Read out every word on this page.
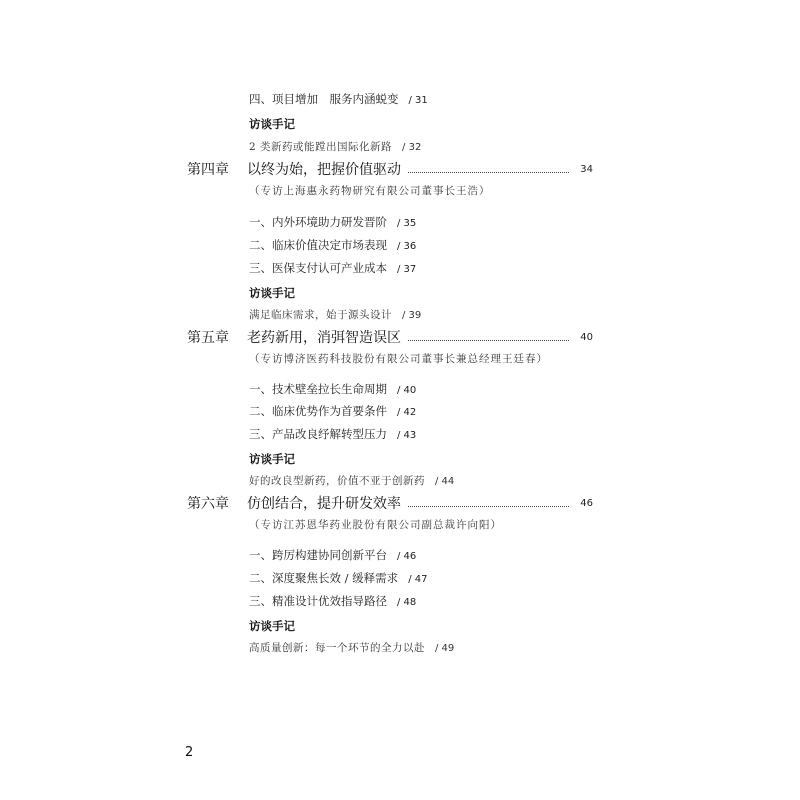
四、项目增加　服务内涵蜕变 / 31
访谈手记
2 类新药或能蹚出国际化新路 / 32
第四章 以终为始，把握价值驱动	34
（专访上海惠永药物研究有限公司董事长王浩）
一、内外环境助力研发晋阶 / 35
二、临床价值决定市场表现 / 36
三、医保支付认可产业成本 / 37
访谈手记
满足临床需求，始于源头设计 / 39
第五章 老药新用，消弭智造误区	40
（专访博济医药科技股份有限公司董事长兼总经理王廷春）
一、技术壁垒拉长生命周期 / 40
二、临床优势作为首要条件 / 42
三、产品改良纾解转型压力 / 43
访谈手记
好的改良型新药，价值不亚于创新药 / 44
第六章 仿创结合，提升研发效率	46
（专访江苏恩华药业股份有限公司副总裁许向阳）
一、跨厉构建协同创新平台 / 46
二、深度聚焦长效 / 缓释需求 / 47
三、精准设计优效指导路径 / 48
访谈手记
高质量创新：每一个环节的全力以赴 / 49
2
